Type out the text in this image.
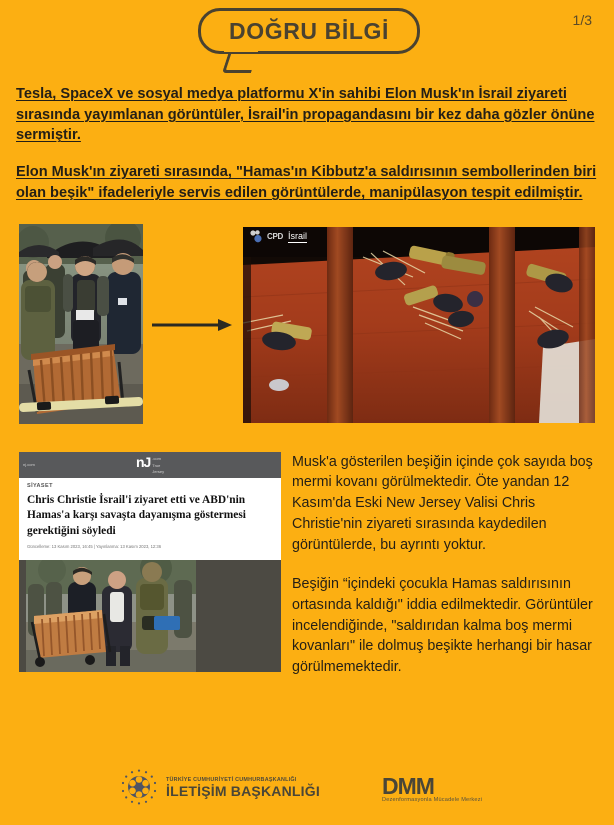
DOĞRU BİLGİ	1/3

Tesla, SpaceX ve sosyal medya platformu X'in sahibi Elon Musk'ın İsrail ziyareti sırasında yayımlanan görüntüler, İsrail'in propagandasını bir kez daha gözler önüne sermiştir.

Elon Musk'ın ziyareti sırasında, "Hamas'ın Kibbutz'a saldırısının sembollerinden biri olan beşik" ifadeleriyle servis edilen görüntülerde, manipülasyon tespit edilmiştir.

CPD İsrail
nj.com	nJ .com
True
Jersey
SİYASET
Chris Christie İsrail'i ziyaret etti ve ABD'nin Hamas'a karşı savaşta dayanışma göstermesi gerektiğini söyledi
Güncelleme: 13 Kasım 2023, 16:45 | Yayınlanma: 13 Kasım 2023, 12:36

Musk'a gösterilen beşiğin içinde çok sayıda boş mermi kovanı görülmektedir. Öte yandan 12 Kasım'da Eski New Jersey Valisi Chris Christie'nin ziyareti sırasında kaydedilen görüntülerde, bu ayrıntı yoktur.

Beşiğin “içindeki çocukla Hamas saldırısının ortasında kaldığı" iddia edilmektedir. Görüntüler incelendiğinde, "saldırıdan kalma boş mermi kovanları" ile dolmuş beşikte herhangi bir hasar görülmemektedir.

TÜRKİYE CUMHURİYETİ CUMHURBAŞKANLIĞI
İLETİŞİM BAŞKANLIĞI	DMM
Dezenformasyonla Mücadele Merkezi
